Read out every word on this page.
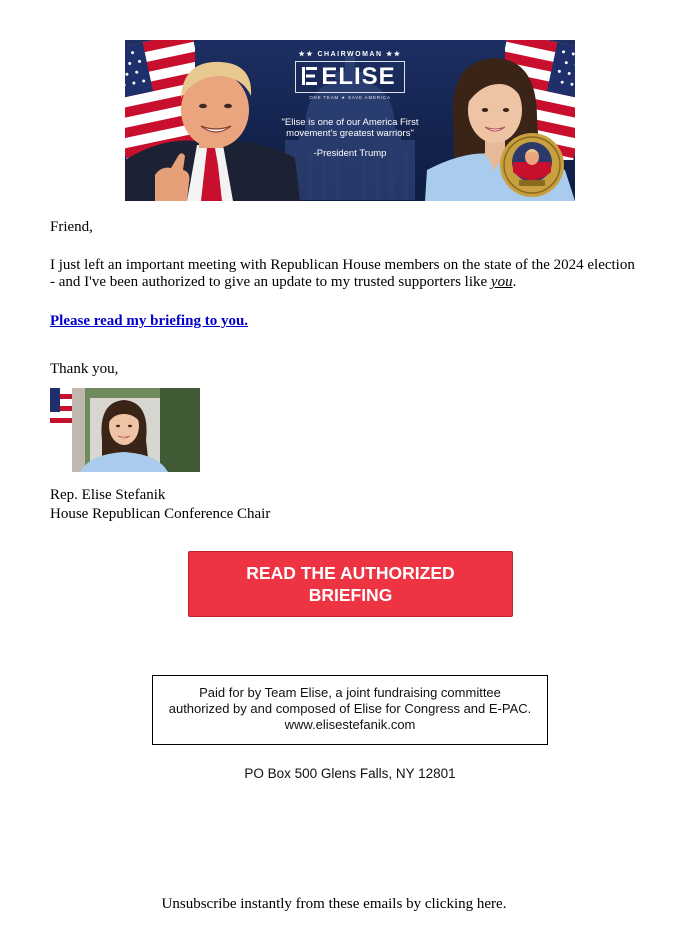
★★ CHAIRWOMAN ★★
ELISE
ONE TEAM ★ SAVE AMERICA
"Elise is one of our America First movement's greatest warriors"
-President Trump
Friend,
I just left an important meeting with Republican House members on the state of the 2024 election - and I've been authorized to give an update to my trusted supporters like you.
Please read my briefing to you.
Thank you,
Rep. Elise Stefanik
House Republican Conference Chair
READ THE AUTHORIZED BRIEFING
Paid for by Team Elise, a joint fundraising committee authorized by and composed of Elise for Congress and E-PAC. www.elisestefanik.com
PO Box 500 Glens Falls, NY 12801
Unsubscribe instantly from these emails by clicking here.
